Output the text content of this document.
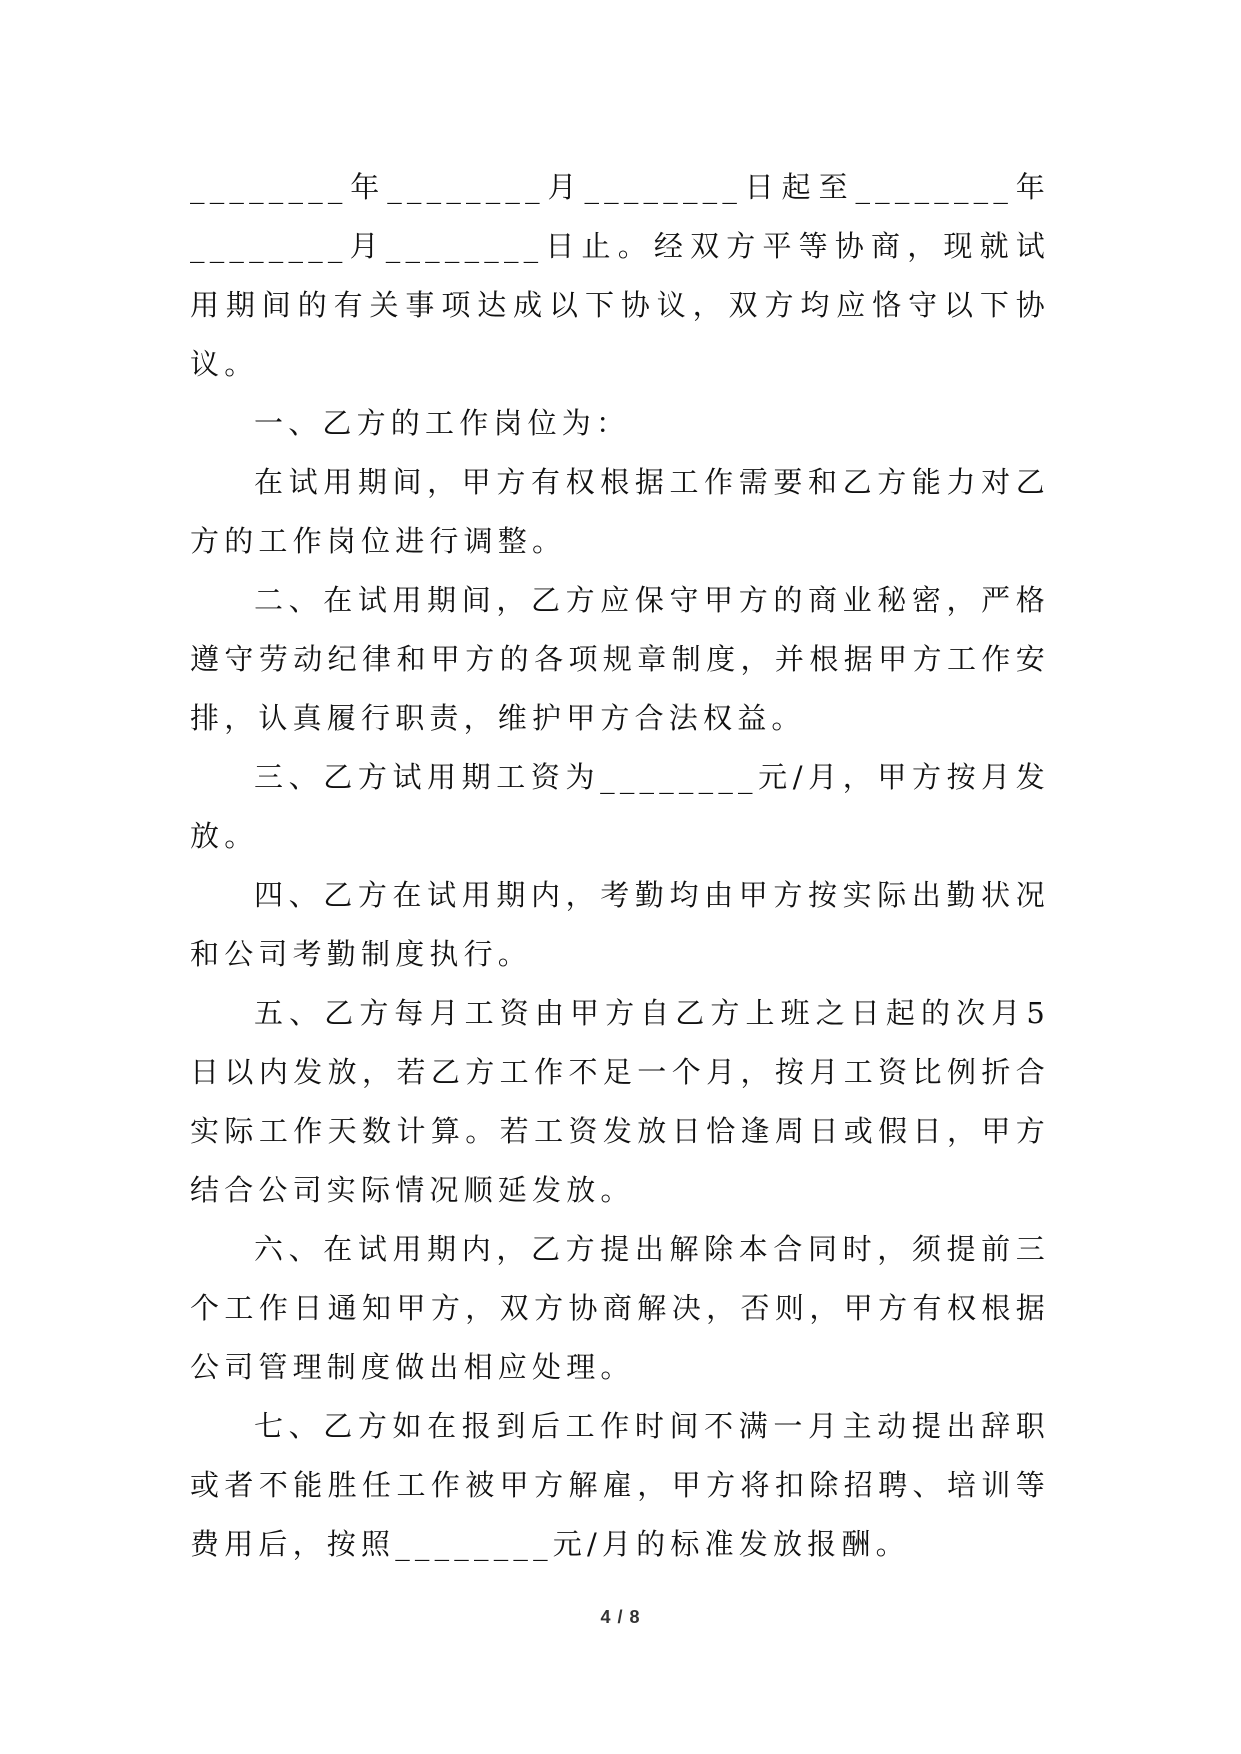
________年________月________日起至________年________月________日止。经双方平等协商，现就试用期间的有关事项达成以下协议，双方均应恪守以下协议。

一、乙方的工作岗位为：

在试用期间，甲方有权根据工作需要和乙方能力对乙方的工作岗位进行调整。

二、在试用期间，乙方应保守甲方的商业秘密，严格遵守劳动纪律和甲方的各项规章制度，并根据甲方工作安排，认真履行职责，维护甲方合法权益。

三、乙方试用期工资为________元/月，甲方按月发放。

四、乙方在试用期内，考勤均由甲方按实际出勤状况和公司考勤制度执行。

五、乙方每月工资由甲方自乙方上班之日起的次月5日以内发放，若乙方工作不足一个月，按月工资比例折合实际工作天数计算。若工资发放日恰逢周日或假日，甲方结合公司实际情况顺延发放。

六、在试用期内，乙方提出解除本合同时，须提前三个工作日通知甲方，双方协商解决，否则，甲方有权根据公司管理制度做出相应处理。

七、乙方如在报到后工作时间不满一月主动提出辞职或者不能胜任工作被甲方解雇，甲方将扣除招聘、培训等费用后，按照________元/月的标准发放报酬。

4 / 8
